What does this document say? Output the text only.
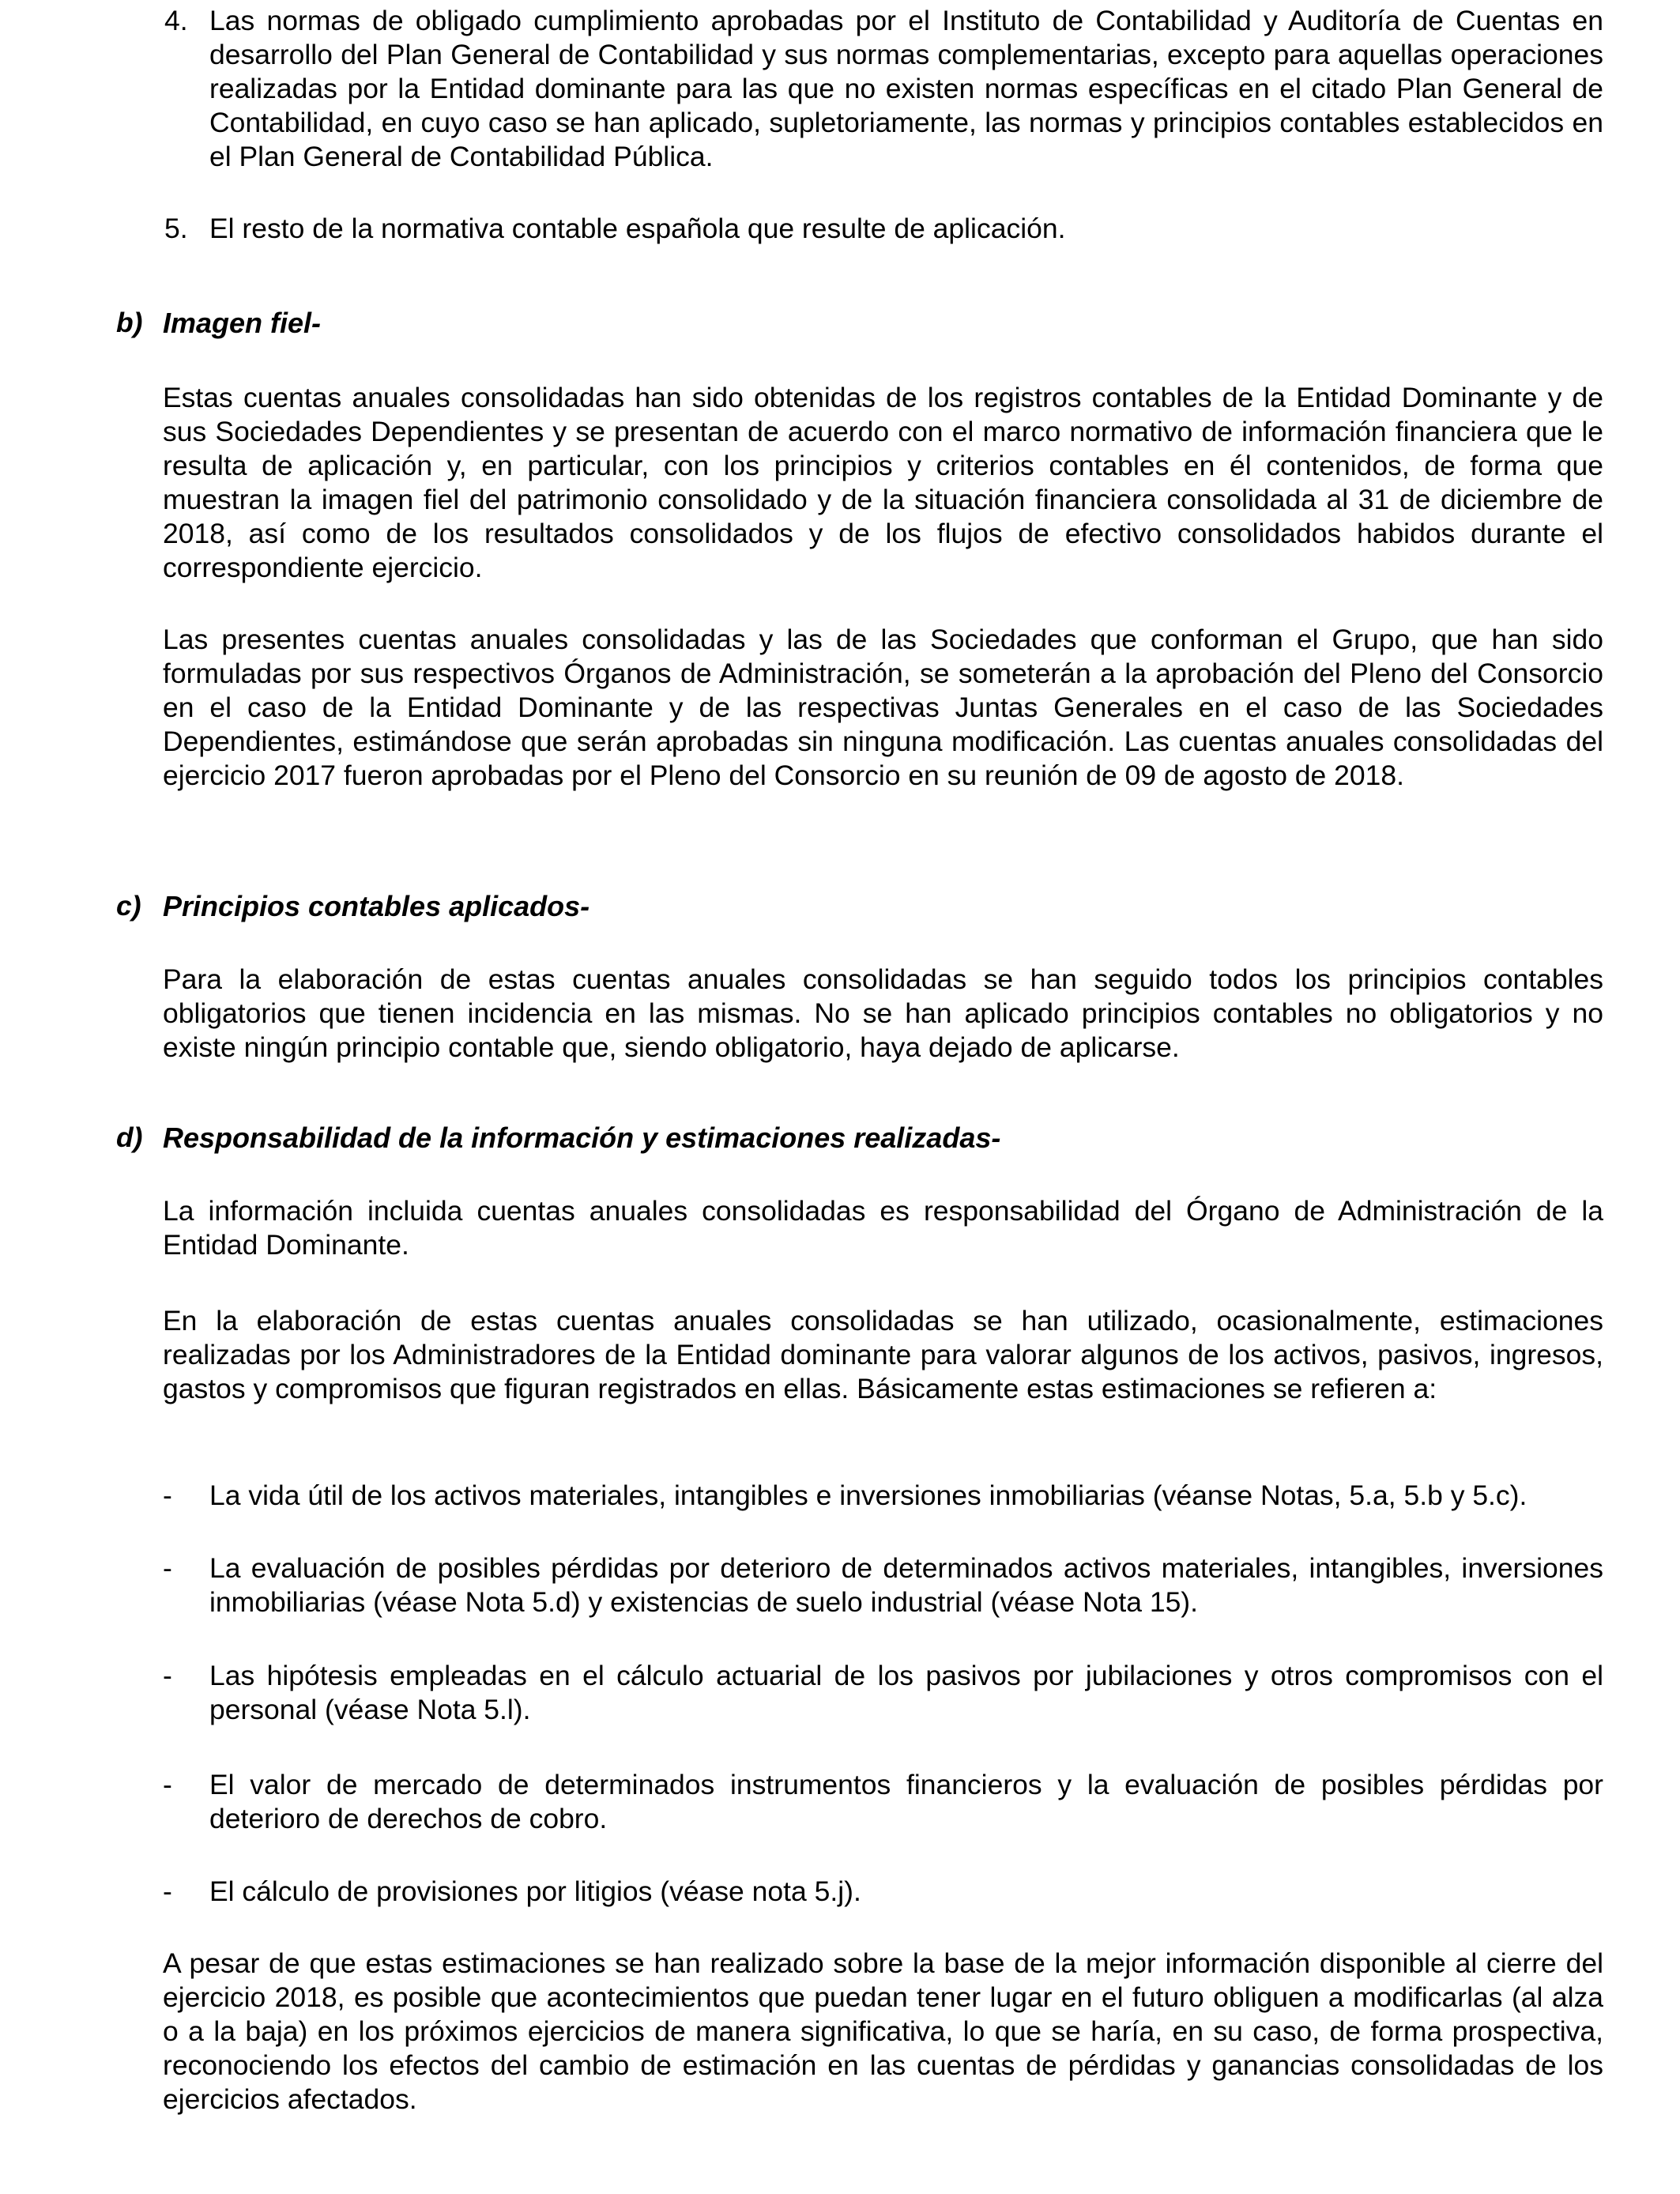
4. Las normas de obligado cumplimiento aprobadas por el Instituto de Contabilidad y Auditoría de Cuentas en desarrollo del Plan General de Contabilidad y sus normas complementarias, excepto para aquellas operaciones realizadas por la Entidad dominante para las que no existen normas específicas en el citado Plan General de Contabilidad, en cuyo caso se han aplicado, supletoriamente, las normas y principios contables establecidos en el Plan General de Contabilidad Pública.

5. El resto de la normativa contable española que resulte de aplicación.

b) Imagen fiel-

Estas cuentas anuales consolidadas han sido obtenidas de los registros contables de la Entidad Dominante y de sus Sociedades Dependientes y se presentan de acuerdo con el marco normativo de información financiera que le resulta de aplicación y, en particular, con los principios y criterios contables en él contenidos, de forma que muestran la imagen fiel del patrimonio consolidado y de la situación financiera consolidada al 31 de diciembre de 2018, así como de los resultados consolidados y de los flujos de efectivo consolidados habidos durante el correspondiente ejercicio.

Las presentes cuentas anuales consolidadas y las de las Sociedades que conforman el Grupo, que han sido formuladas por sus respectivos Órganos de Administración, se someterán a la aprobación del Pleno del Consorcio en el caso de la Entidad Dominante y de las respectivas Juntas Generales en el caso de las Sociedades Dependientes, estimándose que serán aprobadas sin ninguna modificación. Las cuentas anuales consolidadas del ejercicio 2017 fueron aprobadas por el Pleno del Consorcio en su reunión de 09 de agosto de 2018.

c) Principios contables aplicados-

Para la elaboración de estas cuentas anuales consolidadas se han seguido todos los principios contables obligatorios que tienen incidencia en las mismas. No se han aplicado principios contables no obligatorios y no existe ningún principio contable que, siendo obligatorio, haya dejado de aplicarse.

d) Responsabilidad de la información y estimaciones realizadas-

La información incluida cuentas anuales consolidadas es responsabilidad del Órgano de Administración de la Entidad Dominante.

En la elaboración de estas cuentas anuales consolidadas se han utilizado, ocasionalmente, estimaciones realizadas por los Administradores de la Entidad dominante para valorar algunos de los activos, pasivos, ingresos, gastos y compromisos que figuran registrados en ellas. Básicamente estas estimaciones se refieren a:

- La vida útil de los activos materiales, intangibles e inversiones inmobiliarias (véanse Notas, 5.a, 5.b y 5.c).

- La evaluación de posibles pérdidas por deterioro de determinados activos materiales, intangibles, inversiones inmobiliarias (véase Nota 5.d) y existencias de suelo industrial (véase Nota 15).

- Las hipótesis empleadas en el cálculo actuarial de los pasivos por jubilaciones y otros compromisos con el personal (véase Nota 5.l).

- El valor de mercado de determinados instrumentos financieros y la evaluación de posibles pérdidas por deterioro de derechos de cobro.

- El cálculo de provisiones por litigios (véase nota 5.j).

A pesar de que estas estimaciones se han realizado sobre la base de la mejor información disponible al cierre del ejercicio 2018, es posible que acontecimientos que puedan tener lugar en el futuro obliguen a modificarlas (al alza o a la baja) en los próximos ejercicios de manera significativa, lo que se haría, en su caso, de forma prospectiva, reconociendo los efectos del cambio de estimación en las cuentas de pérdidas y ganancias consolidadas de los ejercicios afectados.
